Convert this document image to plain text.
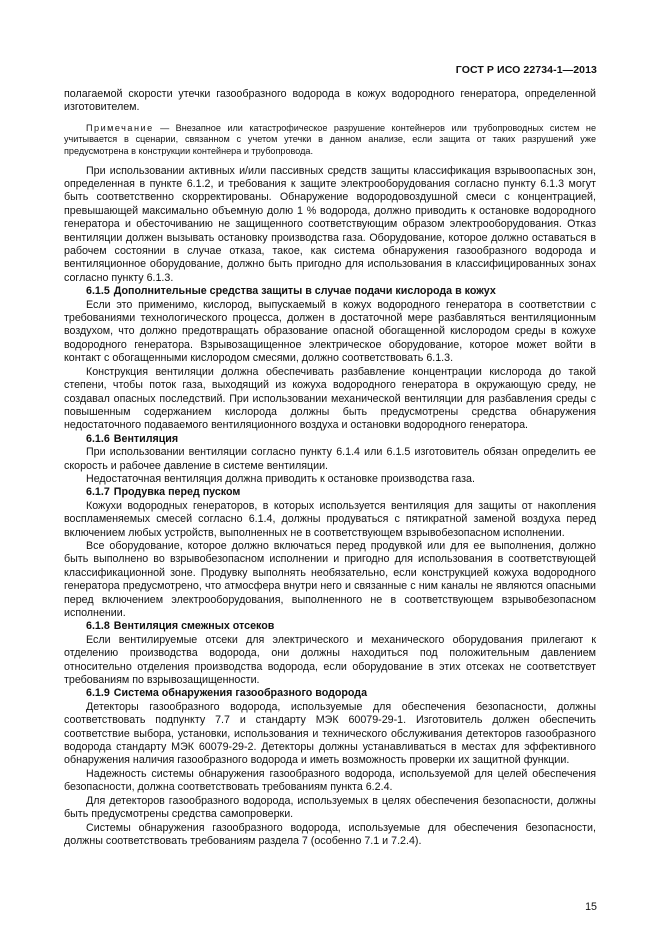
ГОСТ Р ИСО 22734-1—2013

полагаемой скорости утечки газообразного водорода в кожух водородного генератора, определенной изготовителем.

Примечание — Внезапное или катастрофическое разрушение контейнеров или трубопроводных систем не учитывается в сценарии, связанном с учетом утечки в данном анализе, если защита от таких разрушений уже предусмотрена в конструкции контейнера и трубопровода.

При использовании активных и/или пассивных средств защиты классификация взрывоопасных зон, определенная в пункте 6.1.2, и требования к защите электрооборудования согласно пункту 6.1.3 могут быть соответственно скорректированы. Обнаружение водородовоздушной смеси с концентрацией, превышающей максимально объемную долю 1 % водорода, должно приводить к остановке водородного генератора и обесточиванию не защищенного соответствующим образом электрооборудования. Отказ вентиляции должен вызывать остановку производства газа. Оборудование, которое должно оставаться в рабочем состоянии в случае отказа, такое, как система обнаружения газообразного водорода и вентиляционное оборудование, должно быть пригодно для использования в классифицированных зонах согласно пункту 6.1.3.

6.1.5 Дополнительные средства защиты в случае подачи кислорода в кожух

Если это применимо, кислород, выпускаемый в кожух водородного генератора в соответствии с требованиями технологического процесса, должен в достаточной мере разбавляться вентиляционным воздухом, что должно предотвращать образование опасной обогащенной кислородом среды в кожухе водородного генератора. Взрывозащищенное электрическое оборудование, которое может войти в контакт с обогащенными кислородом смесями, должно соответствовать 6.1.3.

Конструкция вентиляции должна обеспечивать разбавление концентрации кислорода до такой степени, чтобы поток газа, выходящий из кожуха водородного генератора в окружающую среду, не создавал опасных последствий. При использовании механической вентиляции для разбавления среды с повышенным содержанием кислорода должны быть предусмотрены средства обнаружения недостаточного подаваемого вентиляционного воздуха и остановки водородного генератора.

6.1.6 Вентиляция

При использовании вентиляции согласно пункту 6.1.4 или 6.1.5 изготовитель обязан определить ее скорость и рабочее давление в системе вентиляции.

Недостаточная вентиляция должна приводить к остановке производства газа.

6.1.7 Продувка перед пуском

Кожухи водородных генераторов, в которых используется вентиляция для защиты от накопления воспламеняемых смесей согласно 6.1.4, должны продуваться с пятикратной заменой воздуха перед включением любых устройств, выполненных не в соответствующем взрывобезопасном исполнении.

Все оборудование, которое должно включаться перед продувкой или для ее выполнения, должно быть выполнено во взрывобезопасном исполнении и пригодно для использования в соответствующей классификационной зоне. Продувку выполнять необязательно, если конструкцией кожуха водородного генератора предусмотрено, что атмосфера внутри него и связанные с ним каналы не являются опасными перед включением электрооборудования, выполненного не в соответствующем взрывобезопасном исполнении.

6.1.8 Вентиляция смежных отсеков

Если вентилируемые отсеки для электрического и механического оборудования прилегают к отделению производства водорода, они должны находиться под положительным давлением относительно отделения производства водорода, если оборудование в этих отсеках не соответствует требованиям по взрывозащищенности.

6.1.9 Система обнаружения газообразного водорода

Детекторы газообразного водорода, используемые для обеспечения безопасности, должны соответствовать подпункту 7.7 и стандарту МЭК 60079-29-1. Изготовитель должен обеспечить соответствие выбора, установки, использования и технического обслуживания детекторов газообразного водорода стандарту МЭК 60079-29-2. Детекторы должны устанавливаться в местах для эффективного обнаружения наличия газообразного водорода и иметь возможность проверки их защитной функции.

Надежность системы обнаружения газообразного водорода, используемой для целей обеспечения безопасности, должна соответствовать требованиям пункта 6.2.4.

Для детекторов газообразного водорода, используемых в целях обеспечения безопасности, должны быть предусмотрены средства самопроверки.

Системы обнаружения газообразного водорода, используемые для обеспечения безопасности, должны соответствовать требованиям раздела 7 (особенно 7.1 и 7.2.4).

15
